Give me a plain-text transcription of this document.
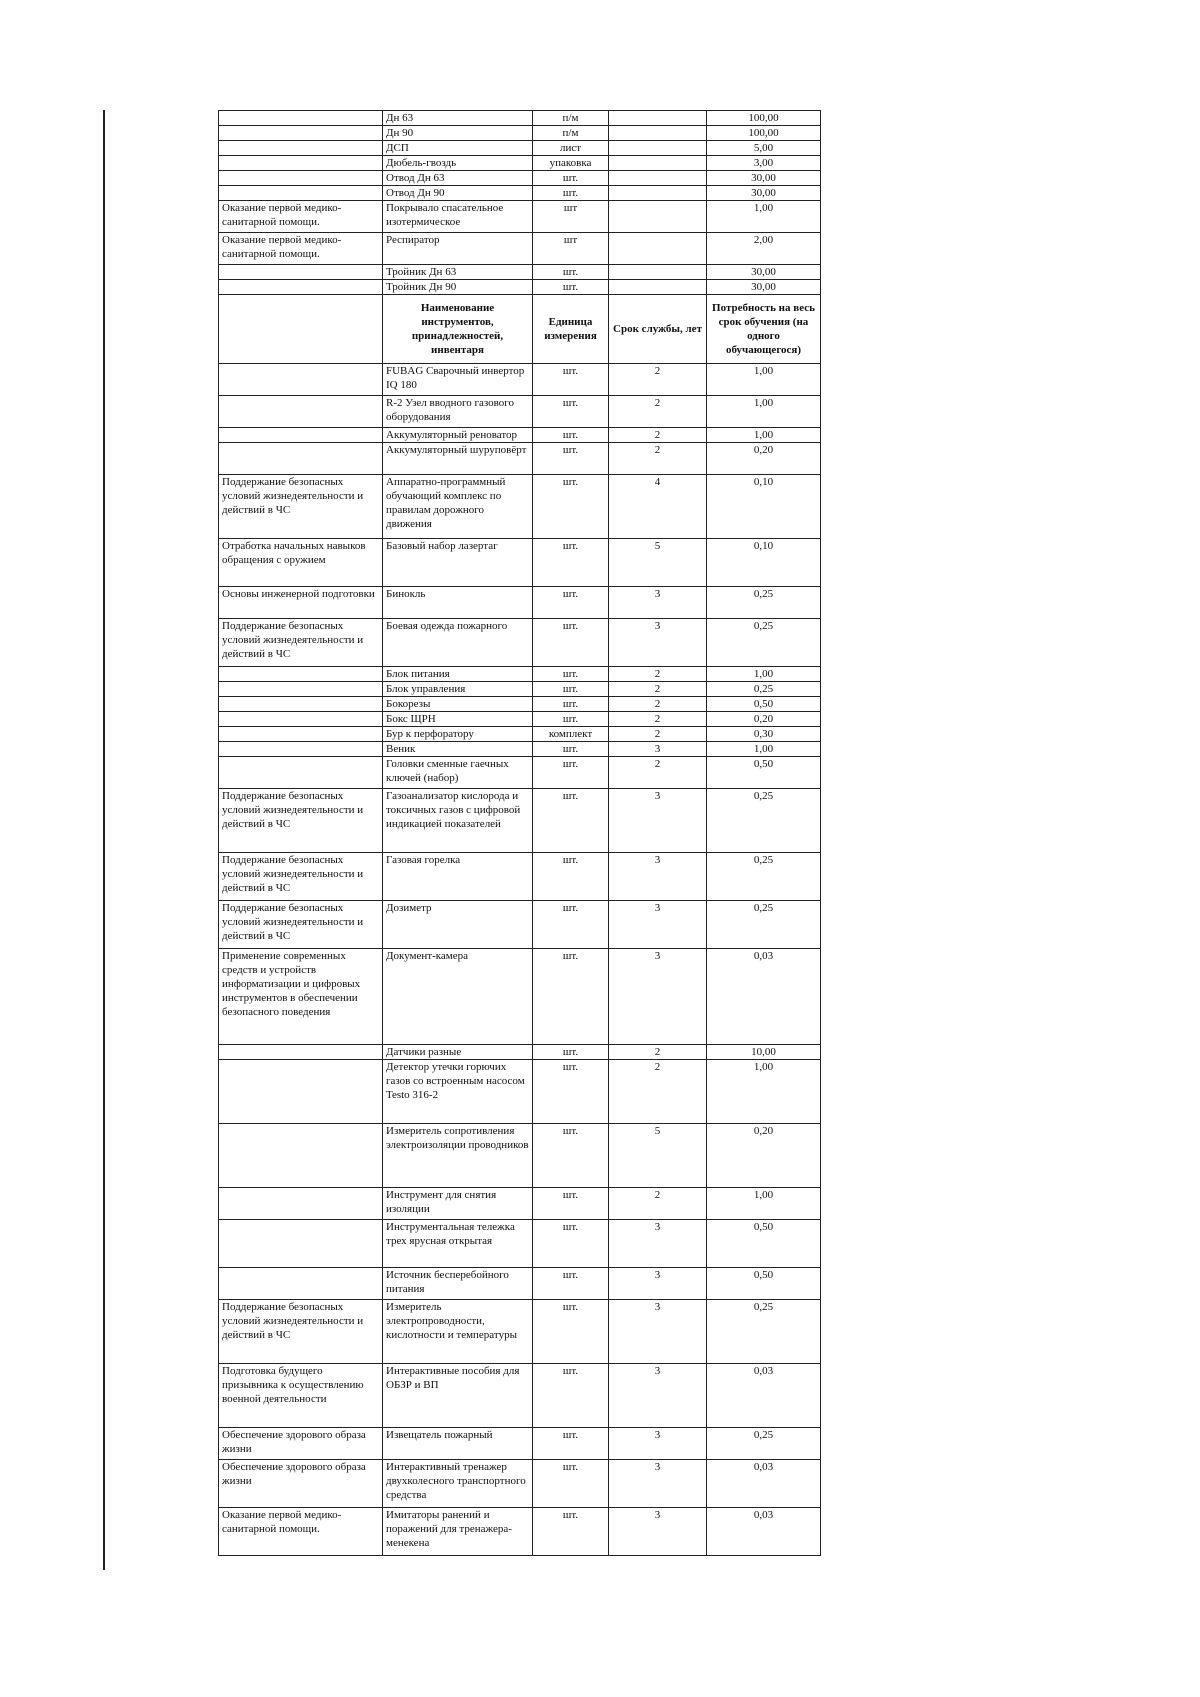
	Дн 63	п/м		100,00
	Дн 90	п/м		100,00
	ДСП	лист		5,00
	Дюбель-гвоздь	упаковка		3,00
	Отвод Дн 63	шт.		30,00
	Отвод Дн 90	шт.		30,00
Оказание первой медико-санитарной помощи.	Покрывало спасательное изотермическое	шт		1,00
Оказание первой медико-санитарной помощи.	Респиратор	шт		2,00
	Тройник Дн 63	шт.		30,00
	Тройник Дн 90	шт.		30,00
	Наименование инструментов, принадлежностей, инвентаря	Единица измерения	Срок службы, лет	Потребность на весь срок обучения (на одного обучающегося)
	FUBAG Сварочный инвертор IQ 180	шт.	2	1,00
	R-2 Узел вводного газового оборудования	шт.	2	1,00
	Аккумуляторный реноватор	шт.	2	1,00
	Аккумуляторный шуруповёрт	шт.	2	0,20
Поддержание безопасных условий жизнедеятельности и действий в ЧС	Аппаратно-программный обучающий комплекс по правилам дорожного движения	шт.	4	0,10
Отработка начальных навыков обращения с оружием	Базовый набор лазертаг	шт.	5	0,10
Основы инженерной подготовки	Бинокль	шт.	3	0,25
Поддержание безопасных условий жизнедеятельности и действий в ЧС	Боевая одежда пожарного	шт.	3	0,25
	Блок питания	шт.	2	1,00
	Блок управления	шт.	2	0,25
	Бокорезы	шт.	2	0,50
	Бокс ЩРН	шт.	2	0,20
	Бур к перфоратору	комплект	2	0,30
	Веник	шт.	3	1,00
	Головки сменные гаечных ключей (набор)	шт.	2	0,50
Поддержание безопасных условий жизнедеятельности и действий в ЧС	Газоанализатор кислорода и токсичных газов с цифровой индикацией показателей	шт.	3	0,25
Поддержание безопасных условий жизнедеятельности и действий в ЧС	Газовая горелка	шт.	3	0,25
Поддержание безопасных условий жизнедеятельности и действий в ЧС	Дозиметр	шт.	3	0,25
Применение современных средств и устройств информатизации и цифровых инструментов в обеспечении безопасного поведения	Документ-камера	шт.	3	0,03
	Датчики разные	шт.	2	10,00
	Детектор утечки горючих газов со встроенным насосом Testo 316-2	шт.	2	1,00
	Измеритель сопротивления электроизоляции проводников	шт.	5	0,20
	Инструмент для снятия изоляции	шт.	2	1,00
	Инструментальная тележка трех ярусная открытая	шт.	3	0,50
	Источник бесперебойного питания	шт.	3	0,50
Поддержание безопасных условий жизнедеятельности и действий в ЧС	Измеритель электропроводности, кислотности и температуры	шт.	3	0,25
Подготовка будущего призывника к осуществлению военной деятельности	Интерактивные пособия для ОБЗР и ВП	шт.	3	0,03
Обеспечение здорового образа жизни	Извещатель пожарный	шт.	3	0,25
Обеспечение здорового образа жизни	Интерактивный тренажер двухколесного транспортного средства	шт.	3	0,03
Оказание первой медико-санитарной помощи.	Имитаторы ранений и поражений для тренажера-менекена	шт.	3	0,03
